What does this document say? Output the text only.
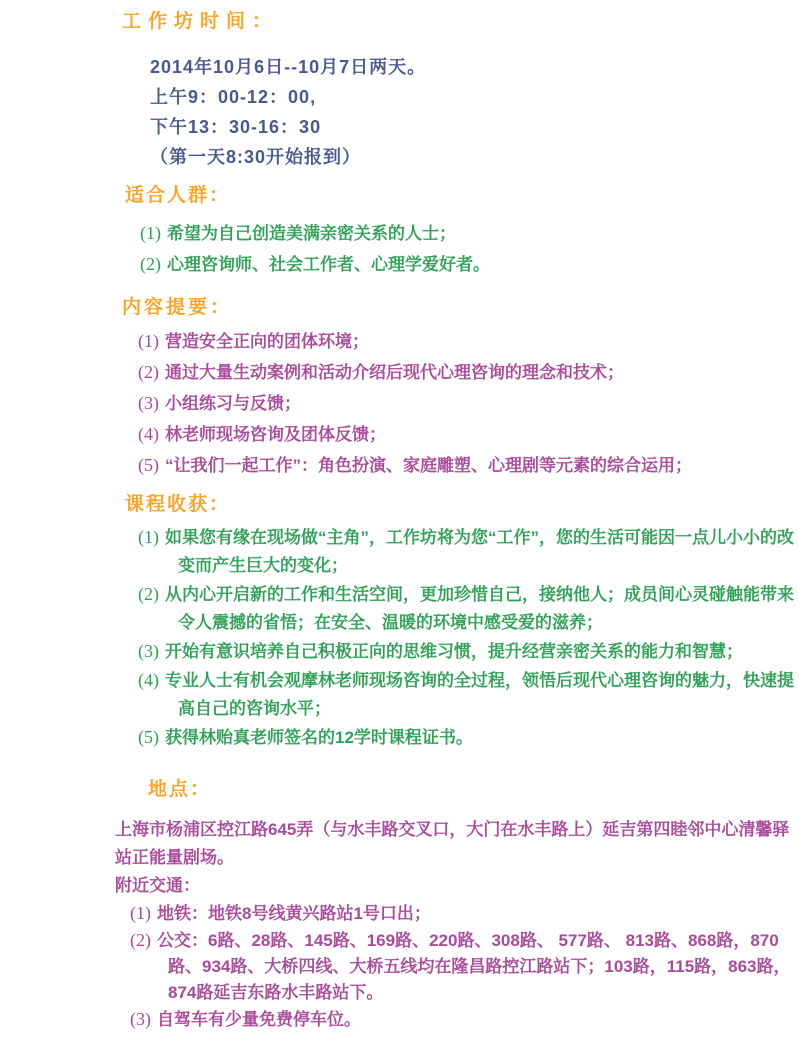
工作坊时间：
2014年10月6日--10月7日两天。
上午9：00-12：00,
下午13：30-16：30
（第一天8:30开始报到）
适合人群：
(1) 希望为自己创造美满亲密关系的人士；
(2) 心理咨询师、社会工作者、心理学爱好者。
内容提要：
(1) 营造安全正向的团体环境；
(2) 通过大量生动案例和活动介绍后现代心理咨询的理念和技术；
(3) 小组练习与反馈；
(4) 林老师现场咨询及团体反馈；
(5) “让我们一起工作”：角色扮演、家庭雕塑、心理剧等元素的综合运用；
课程收获：
(1) 如果您有缘在现场做“主角”，工作坊将为您“工作”，您的生活可能因一点儿小小的改变而产生巨大的变化；
(2) 从内心开启新的工作和生活空间，更加珍惜自己，接纳他人；成员间心灵碰触能带来令人震撼的省悟；在安全、温暖的环境中感受爱的滋养；
(3) 开始有意识培养自己积极正向的思维习惯，提升经营亲密关系的能力和智慧；
(4) 专业人士有机会观摩林老师现场咨询的全过程，领悟后现代心理咨询的魅力，快速提高自己的咨询水平；
(5) 获得林贻真老师签名的12学时课程证书。
地点：
上海市杨浦区控江路645弄（与水丰路交叉口，大门在水丰路上）延吉第四睦邻中心清馨驿站正能量剧场。
附近交通：
(1) 地铁：地铁8号线黄兴路站1号口出；
(2) 公交：6路、28路、145路、169路、220路、308路、 577路、 813路、868路，870路、934路、大桥四线、大桥五线均在隆昌路控江路站下；103路，115路，863路， 874路延吉东路水丰路站下。
(3) 自驾车有少量免费停车位。
